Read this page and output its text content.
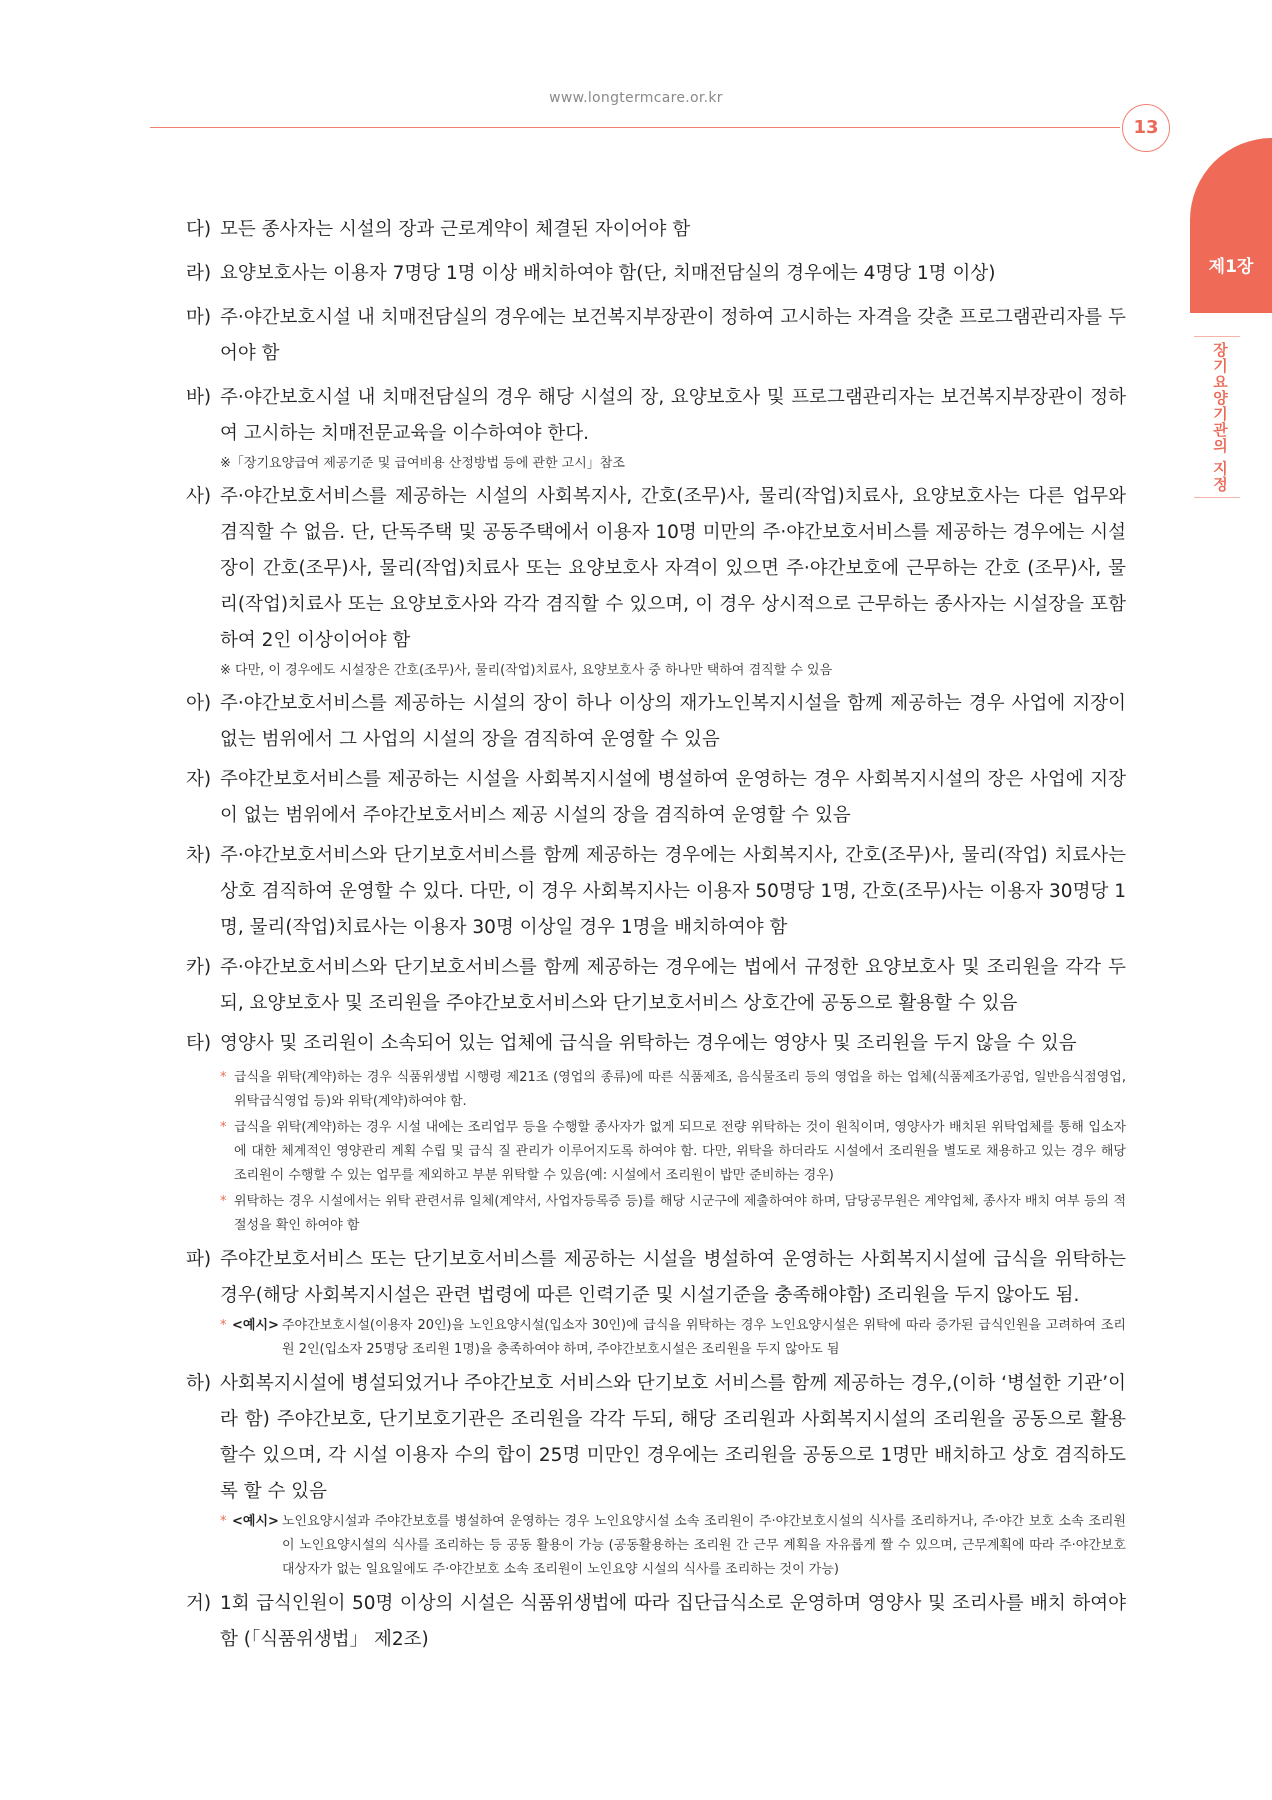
www.longtermcare.or.kr
13
제1장
장기요양기관의 지정
다) 모든 종사자는 시설의 장과 근로계약이 체결된 자이어야 함
라) 요양보호사는 이용자 7명당 1명 이상 배치하여야 함(단, 치매전담실의 경우에는 4명당 1명 이상)
마) 주·야간보호시설 내 치매전담실의 경우에는 보건복지부장관이 정하여 고시하는 자격을 갖춘 프로그램관리자를 두어야 함
바) 주·야간보호시설 내 치매전담실의 경우 해당 시설의 장, 요양보호사 및 프로그램관리자는 보건복지부장관이 정하여 고시하는 치매전문교육을 이수하여야 한다.
※「장기요양급여 제공기준 및 급여비용 산정방법 등에 관한 고시」참조
사) 주·야간보호서비스를 제공하는 시설의 사회복지사, 간호(조무)사, 물리(작업)치료사, 요양보호사는 다른 업무와 겸직할 수 없음. 단, 단독주택 및 공동주택에서 이용자 10명 미만의 주·야간보호서비스를 제공하는 경우에는 시설장이 간호(조무)사, 물리(작업)치료사 또는 요양보호사 자격이 있으면 주·야간보호에 근무하는 간호 (조무)사, 물리(작업)치료사 또는 요양보호사와 각각 겸직할 수 있으며, 이 경우 상시적으로 근무하는 종사자는 시설장을 포함하여 2인 이상이어야 함
※ 다만, 이 경우에도 시설장은 간호(조무)사, 물리(작업)치료사, 요양보호사 중 하나만 택하여 겸직할 수 있음
아) 주·야간보호서비스를 제공하는 시설의 장이 하나 이상의 재가노인복지시설을 함께 제공하는 경우 사업에 지장이 없는 범위에서 그 사업의 시설의 장을 겸직하여 운영할 수 있음
자) 주야간보호서비스를 제공하는 시설을 사회복지시설에 병설하여 운영하는 경우 사회복지시설의 장은 사업에 지장이 없는 범위에서 주야간보호서비스 제공 시설의 장을 겸직하여 운영할 수 있음
차) 주·야간보호서비스와 단기보호서비스를 함께 제공하는 경우에는 사회복지사, 간호(조무)사, 물리(작업) 치료사는 상호 겸직하여 운영할 수 있다. 다만, 이 경우 사회복지사는 이용자 50명당 1명, 간호(조무)사는 이용자 30명당 1명, 물리(작업)치료사는 이용자 30명 이상일 경우 1명을 배치하여야 함
카) 주·야간보호서비스와 단기보호서비스를 함께 제공하는 경우에는 법에서 규정한 요양보호사 및 조리원을 각각 두되, 요양보호사 및 조리원을 주야간보호서비스와 단기보호서비스 상호간에 공동으로 활용할 수 있음
타) 영양사 및 조리원이 소속되어 있는 업체에 급식을 위탁하는 경우에는 영양사 및 조리원을 두지 않을 수 있음
* 급식을 위탁(계약)하는 경우 식품위생법 시행령 제21조 (영업의 종류)에 따른 식품제조, 음식물조리 등의 영업을 하는 업체(식품제조가공업, 일반음식점영업, 위탁급식영업 등)와 위탁(계약)하여야 함.
* 급식을 위탁(계약)하는 경우 시설 내에는 조리업무 등을 수행할 종사자가 없게 되므로 전량 위탁하는 것이 원칙이며, 영양사가 배치된 위탁업체를 통해 입소자에 대한 체계적인 영양관리 계획 수립 및 급식 질 관리가 이루어지도록 하여야 함. 다만, 위탁을 하더라도 시설에서 조리원을 별도로 채용하고 있는 경우 해당 조리원이 수행할 수 있는 업무를 제외하고 부분 위탁할 수 있음(예: 시설에서 조리원이 밥만 준비하는 경우)
* 위탁하는 경우 시설에서는 위탁 관련서류 일체(계약서, 사업자등록증 등)를 해당 시군구에 제출하여야 하며, 담당공무원은 계약업체, 종사자 배치 여부 등의 적절성을 확인 하여야 함
파) 주야간보호서비스 또는 단기보호서비스를 제공하는 시설을 병설하여 운영하는 사회복지시설에 급식을 위탁하는 경우(해당 사회복지시설은 관련 법령에 따른 인력기준 및 시설기준을 충족해야함) 조리원을 두지 않아도 됨.
* <예시> 주야간보호시설(이용자 20인)을 노인요양시설(입소자 30인)에 급식을 위탁하는 경우 노인요양시설은 위탁에 따라 증가된 급식인원을 고려하여 조리원 2인(입소자 25명당 조리원 1명)을 충족하여야 하며, 주야간보호시설은 조리원을 두지 않아도 됨
하) 사회복지시설에 병설되었거나 주야간보호 서비스와 단기보호 서비스를 함께 제공하는 경우,(이하 ‘병설한 기관’이라 함) 주야간보호, 단기보호기관은 조리원을 각각 두되, 해당 조리원과 사회복지시설의 조리원을 공동으로 활용할수 있으며, 각 시설 이용자 수의 합이 25명 미만인 경우에는 조리원을 공동으로 1명만 배치하고 상호 겸직하도록 할 수 있음
* <예시> 노인요양시설과 주야간보호를 병설하여 운영하는 경우 노인요양시설 소속 조리원이 주·야간보호시설의 식사를 조리하거나, 주·야간 보호 소속 조리원이 노인요양시설의 식사를 조리하는 등 공동 활용이 가능 (공동활용하는 조리원 간 근무 계획을 자유롭게 짤 수 있으며, 근무계획에 따라 주·야간보호 대상자가 없는 일요일에도 주·야간보호 소속 조리원이 노인요양 시설의 식사를 조리하는 것이 가능)
거) 1회 급식인원이 50명 이상의 시설은 식품위생법에 따라 집단급식소로 운영하며 영양사 및 조리사를 배치 하여야함 (「식품위생법」 제2조)
